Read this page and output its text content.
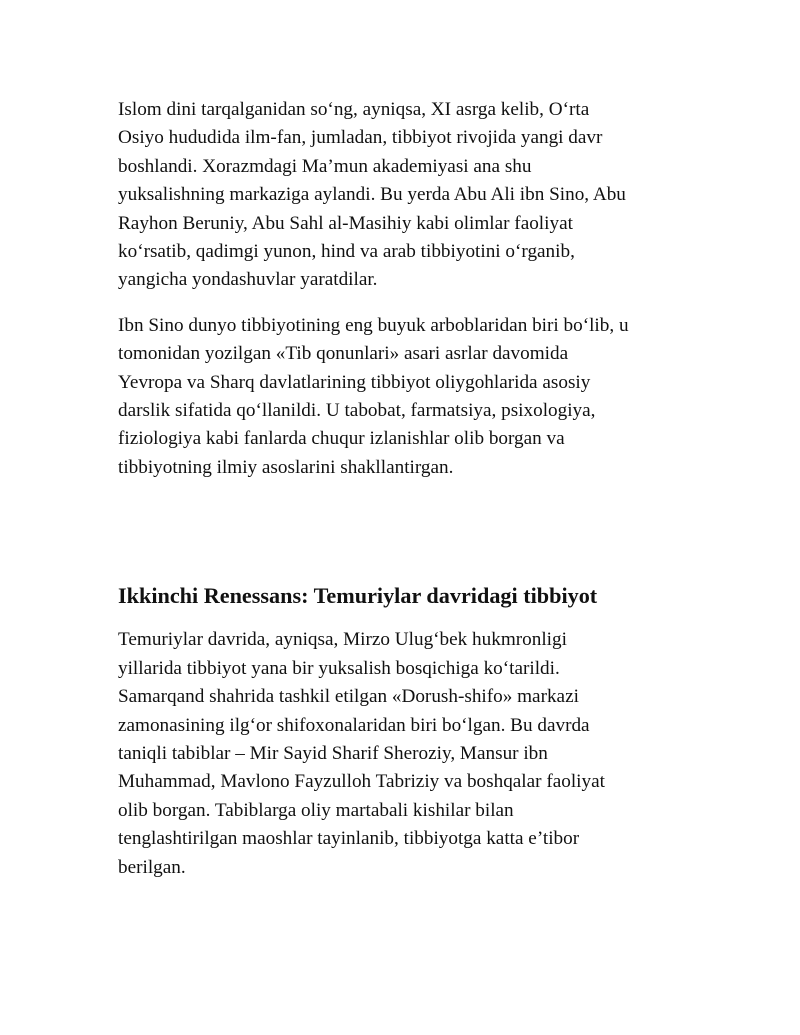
Islom dini tarqalganidan so‘ng, ayniqsa, XI asrga kelib, O‘rta
Osiyo hududida ilm-fan, jumladan, tibbiyot rivojida yangi davr
boshlandi. Xorazmdagi Ma’mun akademiyasi ana shu
yuksalishning markaziga aylandi. Bu yerda Abu Ali ibn Sino, Abu
Rayhon Beruniy, Abu Sahl al-Masihiy kabi olimlar faoliyat
ko‘rsatib, qadimgi yunon, hind va arab tibbiyotini o‘rganib,
yangicha yondashuvlar yaratdilar.

Ibn Sino dunyo tibbiyotining eng buyuk arboblaridan biri bo‘lib, u
tomonidan yozilgan «Tib qonunlari» asari asrlar davomida
Yevropa va Sharq davlatlarining tibbiyot oliygohlarida asosiy
darslik sifatida qo‘llanildi. U tabobat, farmatsiya, psixologiya,
fiziologiya kabi fanlarda chuqur izlanishlar olib borgan va
tibbiyotning ilmiy asoslarini shakllantirgan.

Ikkinchi Renessans: Temuriylar davridagi tibbiyot

Temuriylar davrida, ayniqsa, Mirzo Ulug‘bek hukmronligi
yillarida tibbiyot yana bir yuksalish bosqichiga ko‘tarildi.
Samarqand shahrida tashkil etilgan «Dorush-shifo» markazi
zamonasining ilg‘or shifoxonalaridan biri bo‘lgan. Bu davrda
taniqli tabiblar – Mir Sayid Sharif Sheroziy, Mansur ibn
Muhammad, Mavlono Fayzulloh Tabriziy va boshqalar faoliyat
olib borgan. Tabiblarga oliy martabali kishilar bilan
tenglashtirilgan maoshlar tayinlanib, tibbiyotga katta e’tibor
berilgan.
